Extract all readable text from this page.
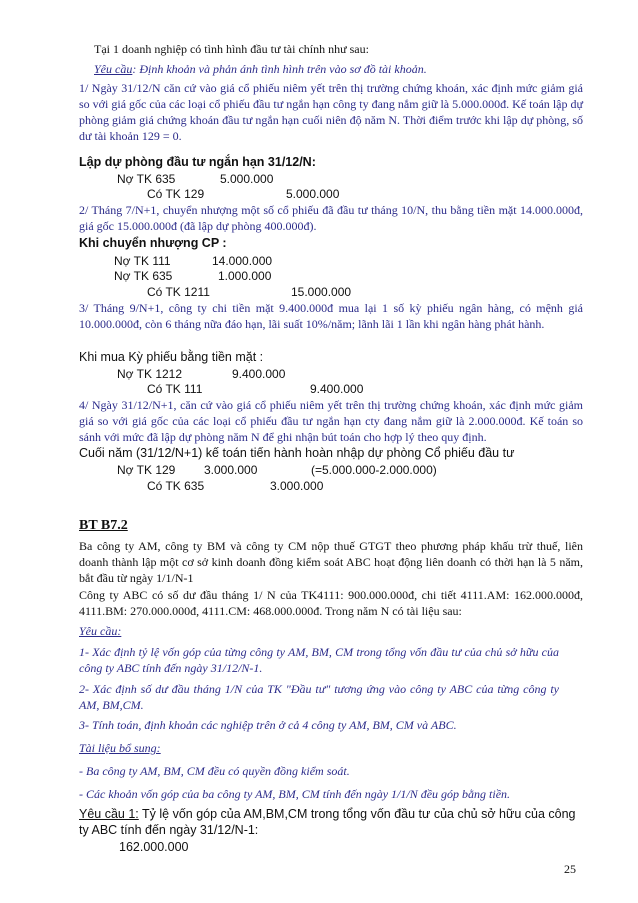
Tại 1 doanh nghiệp có tình hình đầu tư tài chính như sau:
Yêu cầu: Định khoản và phản ánh tình hình trên vào sơ đồ tài khoản.
1/ Ngày 31/12/N căn cứ vào giá cổ phiếu niêm yết trên thị trường chứng khoán, xác định mức giảm giá so với giá gốc của các loại cổ phiếu đầu tư ngắn hạn công ty đang nắm giữ là 5.000.000đ. Kế toán lập dự phòng giảm giá chứng khoán đầu tư ngắn hạn cuối niên độ năm N. Thời điểm trước khi lập dự phòng, số dư tài khoản 129 = 0.
Lập dự phòng đầu tư ngắn hạn 31/12/N:
Nợ TK 635	5.000.000
Có TK 129	5.000.000
2/ Tháng 7/N+1, chuyển nhượng một số cổ phiếu đã đầu tư tháng 10/N, thu bằng tiền mặt 14.000.000đ, giá gốc 15.000.000đ (đã lập dự phòng 400.000đ).
Khi chuyển nhượng CP :
Nợ TK 111	14.000.000
Nợ TK 635	1.000.000
Có TK 1211	15.000.000
3/ Tháng 9/N+1, công ty chi tiền mặt 9.400.000đ mua lại 1 số kỳ phiếu ngân hàng, có mệnh giá 10.000.000đ, còn 6 tháng nữa đáo hạn, lãi suất 10%/năm; lãnh lãi 1 lần khi ngân hàng phát hành.
Khi mua Kỳ phiếu bằng tiền mặt :
Nợ TK 1212	9.400.000
Có TK 111	9.400.000
4/ Ngày 31/12/N+1, căn cứ vào giá cổ phiếu niêm yết trên thị trường chứng khoán, xác định mức giảm giá so với giá gốc của các loại cổ phiếu đầu tư ngắn hạn cty đang nắm giữ là 2.000.000đ. Kế toán so sánh với mức đã lập dự phòng năm N để ghi nhận bút toán cho hợp lý theo quy định.
Cuối năm (31/12/N+1) kế toán tiến hành hoàn nhập dự phòng Cổ phiếu đầu tư
Nợ TK 129 3.000.000	(=5.000.000-2.000.000)
Có TK 635	3.000.000
BT B7.2
Ba công ty AM, công ty BM và công ty CM nộp thuế GTGT theo phương pháp khấu trừ thuế, liên doanh thành lập một cơ sở kinh doanh đồng kiểm soát ABC hoạt động liên doanh có thời hạn là 5 năm, bắt đầu từ ngày 1/1/N-1
Công ty ABC có số dư đầu tháng 1/ N của TK4111: 900.000.000đ, chi tiết 4111.AM: 162.000.000đ, 4111.BM: 270.000.000đ, 4111.CM: 468.000.000đ. Trong năm N có tài liệu sau:
Yêu cầu:
1- Xác định tỷ lệ vốn góp của từng công ty AM, BM, CM trong tổng vốn đầu tư của chủ sở hữu của công ty ABC tính đến ngày 31/12/N-1.
2- Xác định số dư đầu tháng 1/N của TK "Đầu tư" tương ứng vào công ty ABC của từng công ty AM, BM,CM.
3- Tính toán, định khoản các nghiệp trên ở cả 4 công ty AM, BM, CM và ABC.
Tài liệu bổ sung:
- Ba công ty AM, BM, CM đều có quyền đồng kiểm soát.
- Các khoản vốn góp của ba công ty AM, BM, CM tính đến ngày 1/1/N đều góp bằng tiền.
Yêu cầu 1: Tỷ lệ vốn góp của AM,BM,CM trong tổng vốn đầu tư của chủ sở hữu của công ty ABC tính đến ngày 31/12/N-1:
162.000.000
25
